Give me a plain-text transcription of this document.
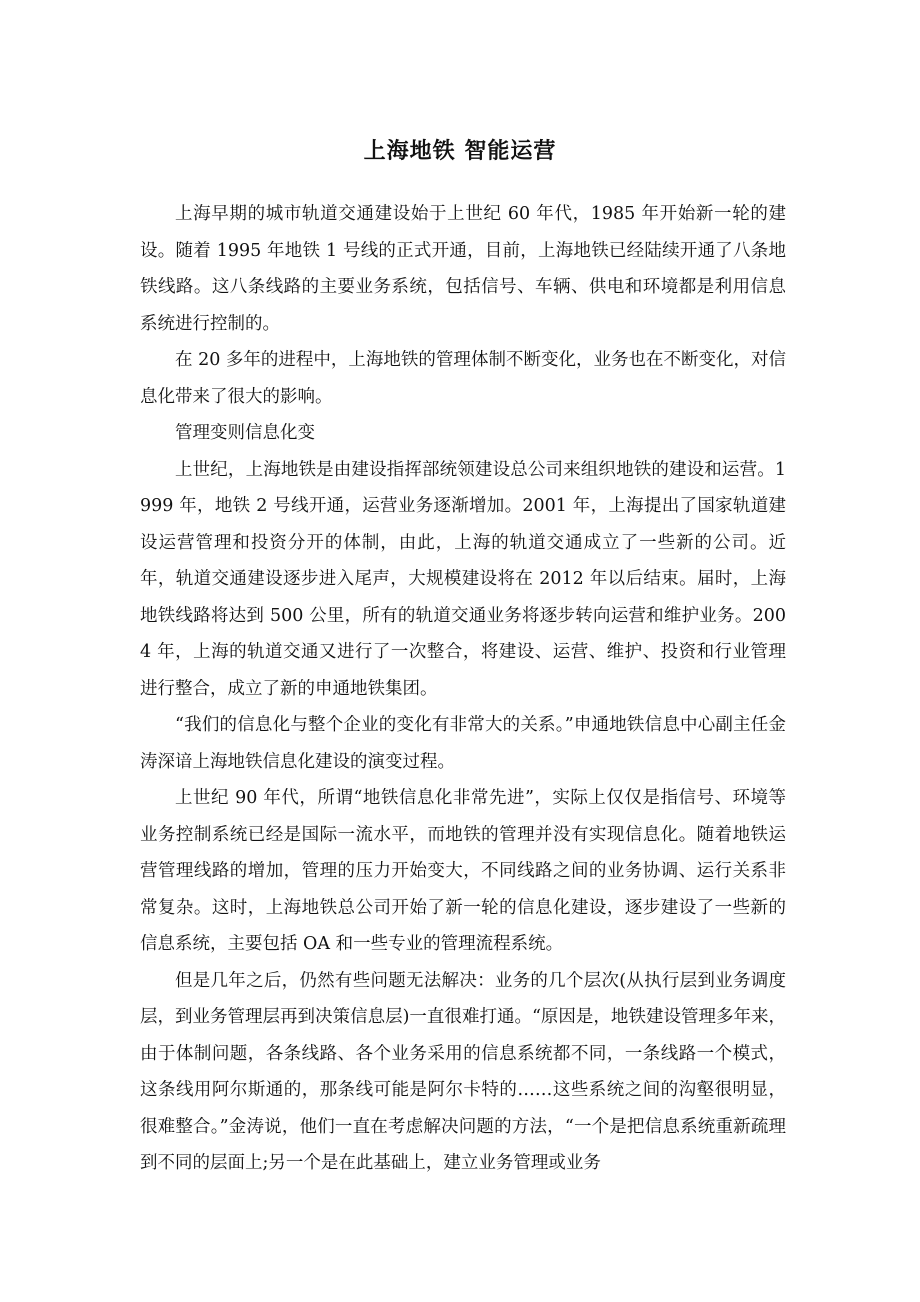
上海地铁 智能运营

上海早期的城市轨道交通建设始于上世纪 60 年代，1985 年开始新一轮的建设。随着 1995 年地铁 1 号线的正式开通，目前，上海地铁已经陆续开通了八条地铁线路。这八条线路的主要业务系统，包括信号、车辆、供电和环境都是利用信息系统进行控制的。

在 20 多年的进程中，上海地铁的管理体制不断变化，业务也在不断变化，对信息化带来了很大的影响。

管理变则信息化变

上世纪，上海地铁是由建设指挥部统领建设总公司来组织地铁的建设和运营。1999 年，地铁 2 号线开通，运营业务逐渐增加。2001 年，上海提出了国家轨道建设运营管理和投资分开的体制，由此，上海的轨道交通成立了一些新的公司。近年，轨道交通建设逐步进入尾声，大规模建设将在 2012 年以后结束。届时，上海地铁线路将达到 500 公里，所有的轨道交通业务将逐步转向运营和维护业务。2004 年，上海的轨道交通又进行了一次整合，将建设、运营、维护、投资和行业管理进行整合，成立了新的申通地铁集团。

“我们的信息化与整个企业的变化有非常大的关系。”申通地铁信息中心副主任金涛深谙上海地铁信息化建设的演变过程。

上世纪 90 年代，所谓“地铁信息化非常先进”，实际上仅仅是指信号、环境等业务控制系统已经是国际一流水平，而地铁的管理并没有实现信息化。随着地铁运营管理线路的增加，管理的压力开始变大，不同线路之间的业务协调、运行关系非常复杂。这时，上海地铁总公司开始了新一轮的信息化建设，逐步建设了一些新的信息系统，主要包括 OA 和一些专业的管理流程系统。

但是几年之后，仍然有些问题无法解决：业务的几个层次(从执行层到业务调度层，到业务管理层再到决策信息层)一直很难打通。“原因是，地铁建设管理多年来，由于体制问题，各条线路、各个业务采用的信息系统都不同，一条线路一个模式，这条线用阿尔斯通的，那条线可能是阿尔卡特的……这些系统之间的沟壑很明显，很难整合。”金涛说，他们一直在考虑解决问题的方法，“一个是把信息系统重新疏理到不同的层面上;另一个是在此基础上，建立业务管理或业务
